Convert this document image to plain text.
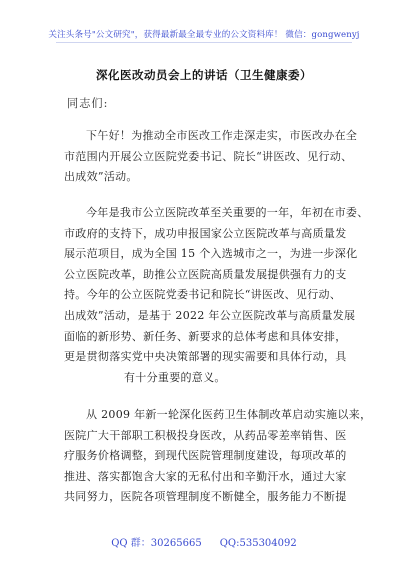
关注头条号"公文研究"，获得最新最全最专业的公文资料库！ 微信：gongwenyj
深化医改动员会上的讲话（卫生健康委）
同志们:
下午好！为推动全市医改工作走深走实，市医改办在全
市范围内开展公立医院党委书记、院长“讲医改、见行动、
出成效”活动。
今年是我市公立医院改革至关重要的一年，年初在市委、
市政府的支持下，成功申报国家公立医院改革与高质量发
展示范项目，成为全国 15 个入选城市之一，为进一步深化
公立医院改革，助推公立医院高质量发展提供强有力的支
持。今年的公立医院党委书记和院长“讲医改、见行动、
出成效”活动，是基于 2022 年公立医院改革与高质量发展
面临的新形势、新任务、新要求的总体考虑和具体安排，
更是贯彻落实党中央决策部署的现实需要和具体行动，具
有十分重要的意义。
从 2009 年新一轮深化医药卫生体制改革启动实施以来，
医院广大干部职工积极投身医改，从药品零差率销售、医
疗服务价格调整，到现代医院管理制度建设，每项改革的
推进、落实都饱含大家的无私付出和辛勤汗水，通过大家
共同努力，医院各项管理制度不断健全，服务能力不断提
QQ 群：30265665 QQ:535304092
